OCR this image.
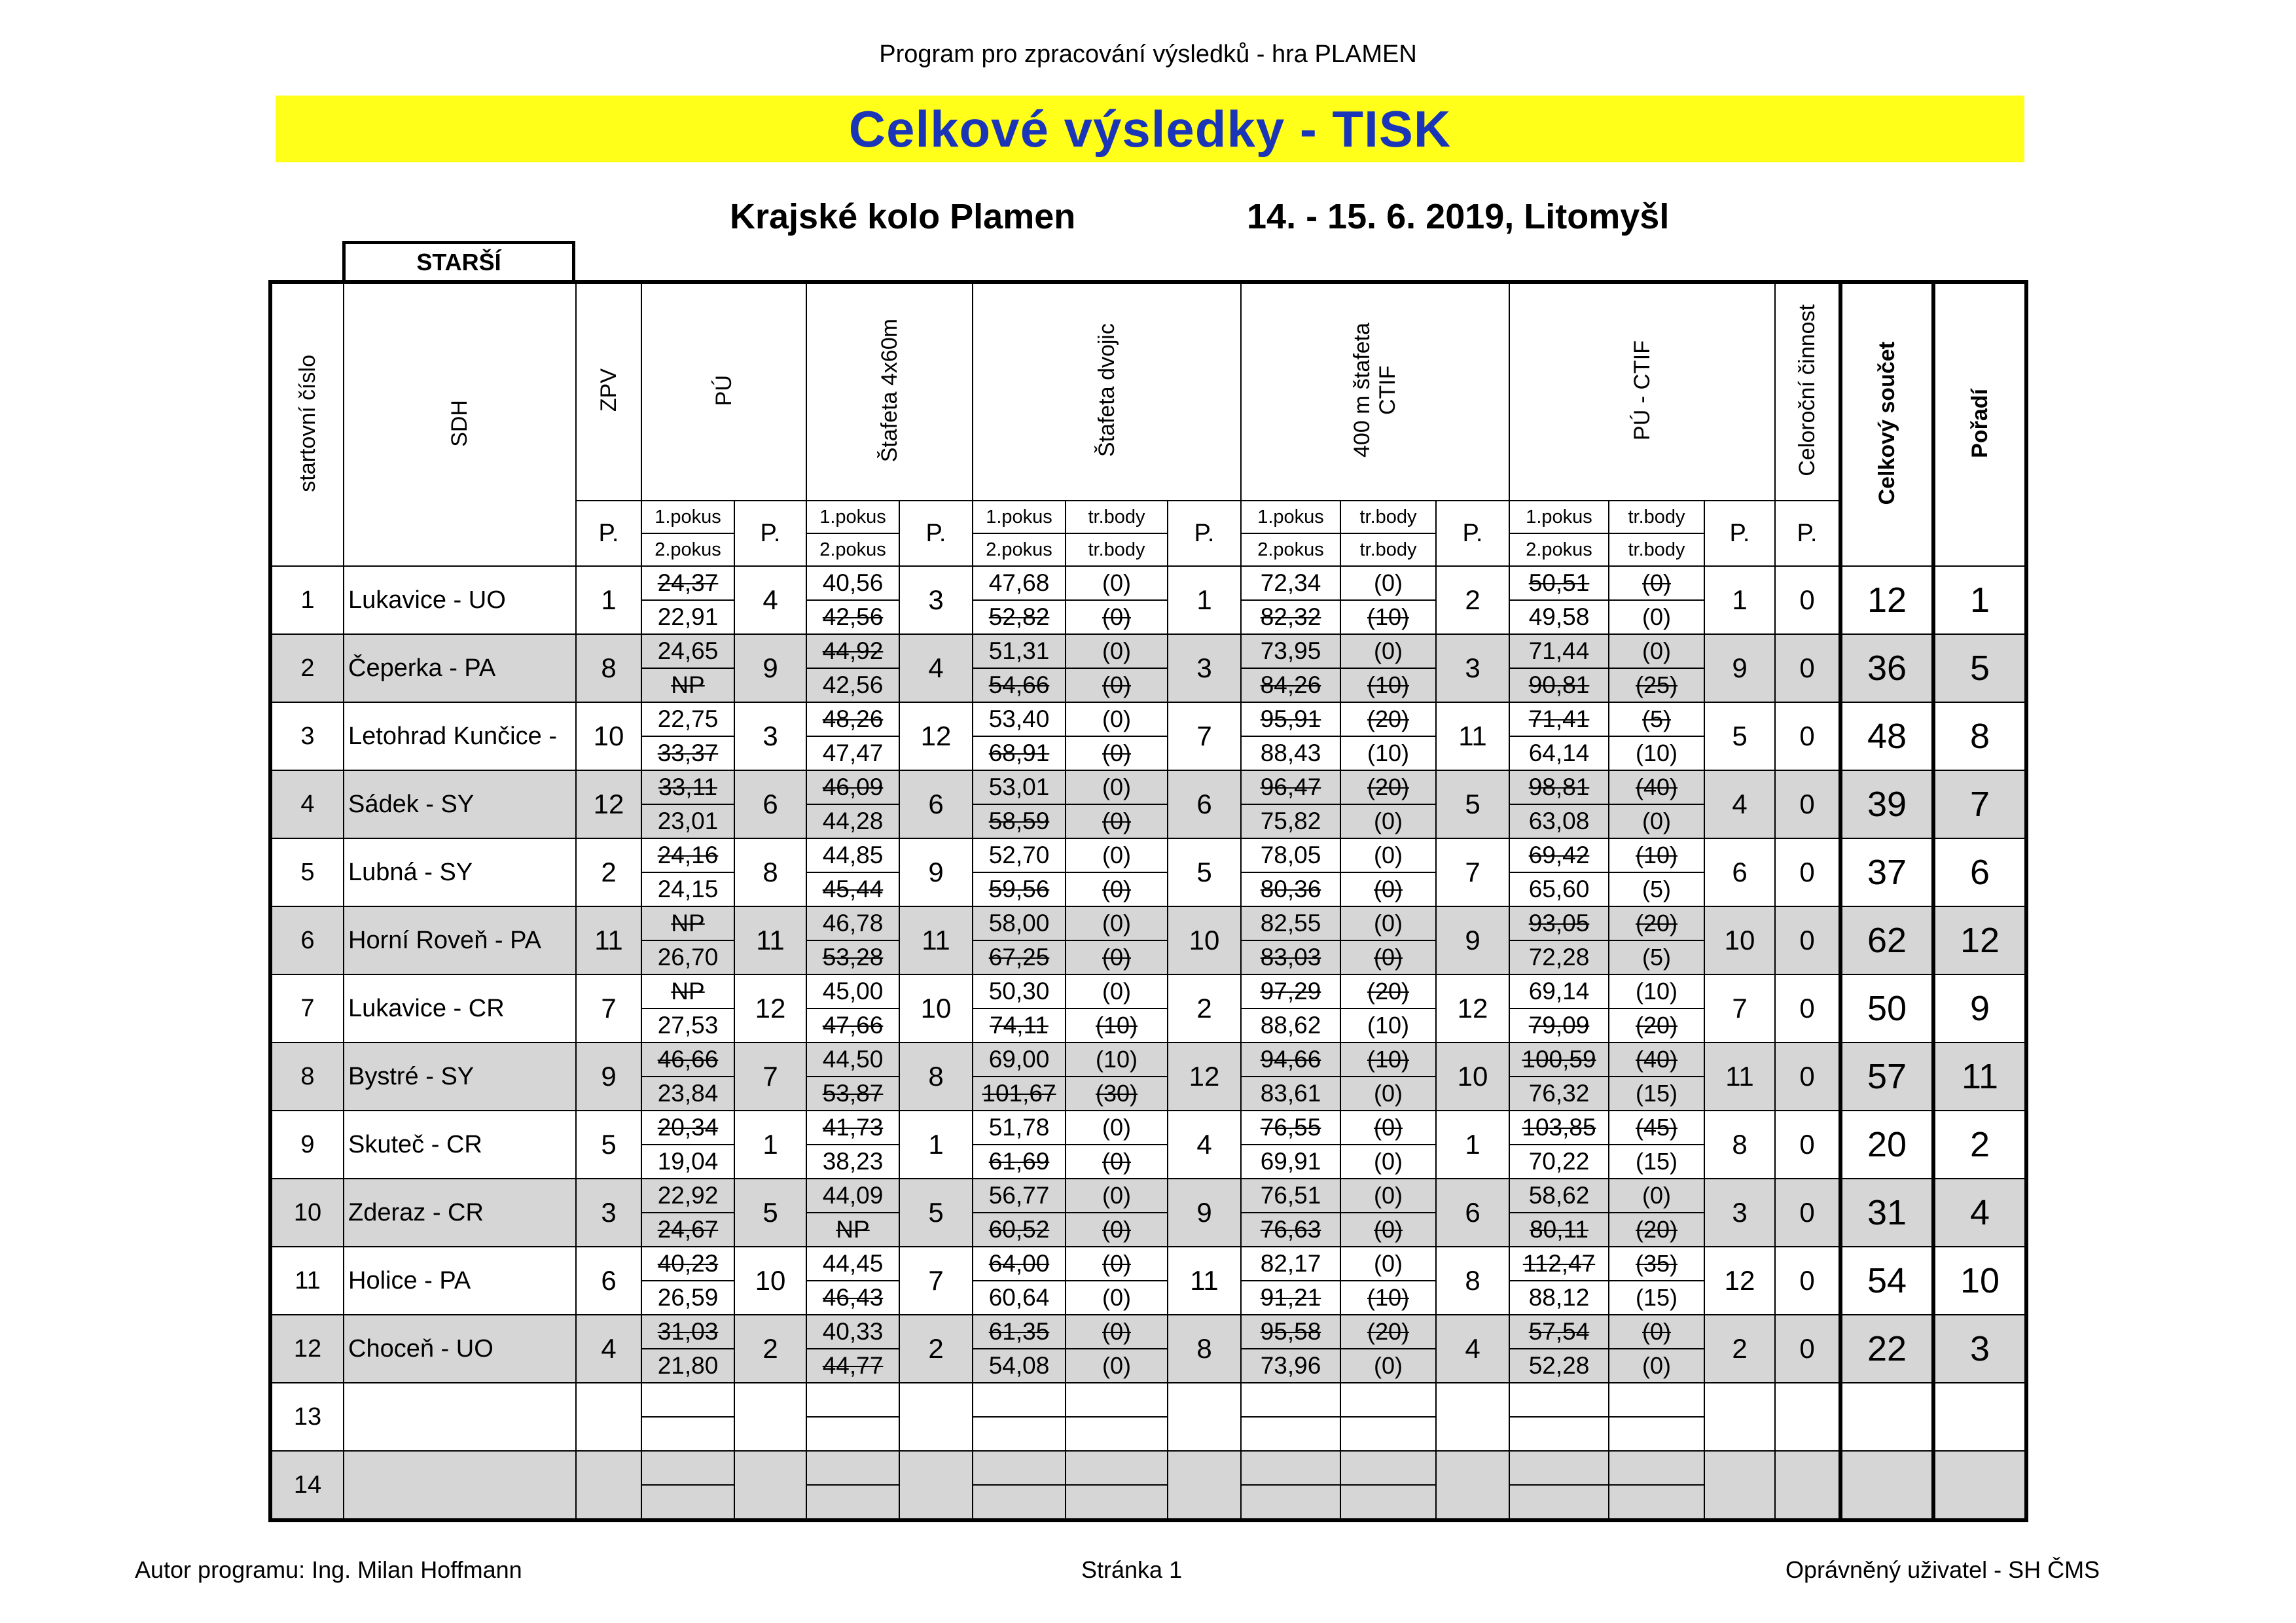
Program pro zpracování výsledků - hra PLAMEN
Celkové výsledky - TISK
Krajské kolo Plamen	14. - 15. 6. 2019, Litomyšl
STARŠÍ
startovní číslo	SDH	ZPV	PÚ		Štafeta 4x60m		Štafeta dvojic			400 m štafeta
CTIF			PÚ - CTIF			Celoroční činnost	Celkový součet	Pořadí
		P.	1.pokus	P.	1.pokus	P.	1.pokus	tr.body	P.	1.pokus	tr.body	P.	1.pokus	tr.body	P.	P.		
			2.pokus		2.pokus		2.pokus	tr.body		2.pokus	tr.body		2.pokus	tr.body				
1	Lukavice - UO	1	24,37	4	40,56	3	47,68	(0)	1	72,34	(0)	2	50,51	(0)	1	0	12	1
			22,91		42,56		52,82	(0)		82,32	(10)		49,58	(0)				
2	Čeperka - PA	8	24,65	9	44,92	4	51,31	(0)	3	73,95	(0)	3	71,44	(0)	9	0	36	5
			NP		42,56		54,66	(0)		84,26	(10)		90,81	(25)				
3	Letohrad Kunčice -	10	22,75	3	48,26	12	53,40	(0)	7	95,91	(20)	11	71,41	(5)	5	0	48	8
			33,37		47,47		68,91	(0)		88,43	(10)		64,14	(10)				
4	Sádek - SY	12	33,11	6	46,09	6	53,01	(0)	6	96,47	(20)	5	98,81	(40)	4	0	39	7
			23,01		44,28		58,59	(0)		75,82	(0)		63,08	(0)				
5	Lubná - SY	2	24,16	8	44,85	9	52,70	(0)	5	78,05	(0)	7	69,42	(10)	6	0	37	6
			24,15		45,44		59,56	(0)		80,36	(0)		65,60	(5)				
6	Horní Roveň - PA	11	NP	11	46,78	11	58,00	(0)	10	82,55	(0)	9	93,05	(20)	10	0	62	12
			26,70		53,28		67,25	(0)		83,03	(0)		72,28	(5)				
7	Lukavice - CR	7	NP	12	45,00	10	50,30	(0)	2	97,29	(20)	12	69,14	(10)	7	0	50	9
			27,53		47,66		74,11	(10)		88,62	(10)		79,09	(20)				
8	Bystré - SY	9	46,66	7	44,50	8	69,00	(10)	12	94,66	(10)	10	100,59	(40)	11	0	57	11
			23,84		53,87		101,67	(30)		83,61	(0)		76,32	(15)				
9	Skuteč - CR	5	20,34	1	41,73	1	51,78	(0)	4	76,55	(0)	1	103,85	(45)	8	0	20	2
			19,04		38,23		61,69	(0)		69,91	(0)		70,22	(15)				
10	Zderaz - CR	3	22,92	5	44,09	5	56,77	(0)	9	76,51	(0)	6	58,62	(0)	3	0	31	4
			24,67		NP		60,52	(0)		76,63	(0)		80,11	(20)				
11	Holice - PA	6	40,23	10	44,45	7	64,00	(0)	11	82,17	(0)	8	112,47	(35)	12	0	54	10
			26,59		46,43		60,64	(0)		91,21	(10)		88,12	(15)				
12	Choceň - UO	4	31,03	2	40,33	2	61,35	(0)	8	95,58	(20)	4	57,54	(0)	2	0	22	3
			21,80		44,77		54,08	(0)		73,96	(0)		52,28	(0)				
13																		

14																		

Autor programu: Ing. Milan Hoffmann	Stránka 1	Oprávněný uživatel - SH ČMS
